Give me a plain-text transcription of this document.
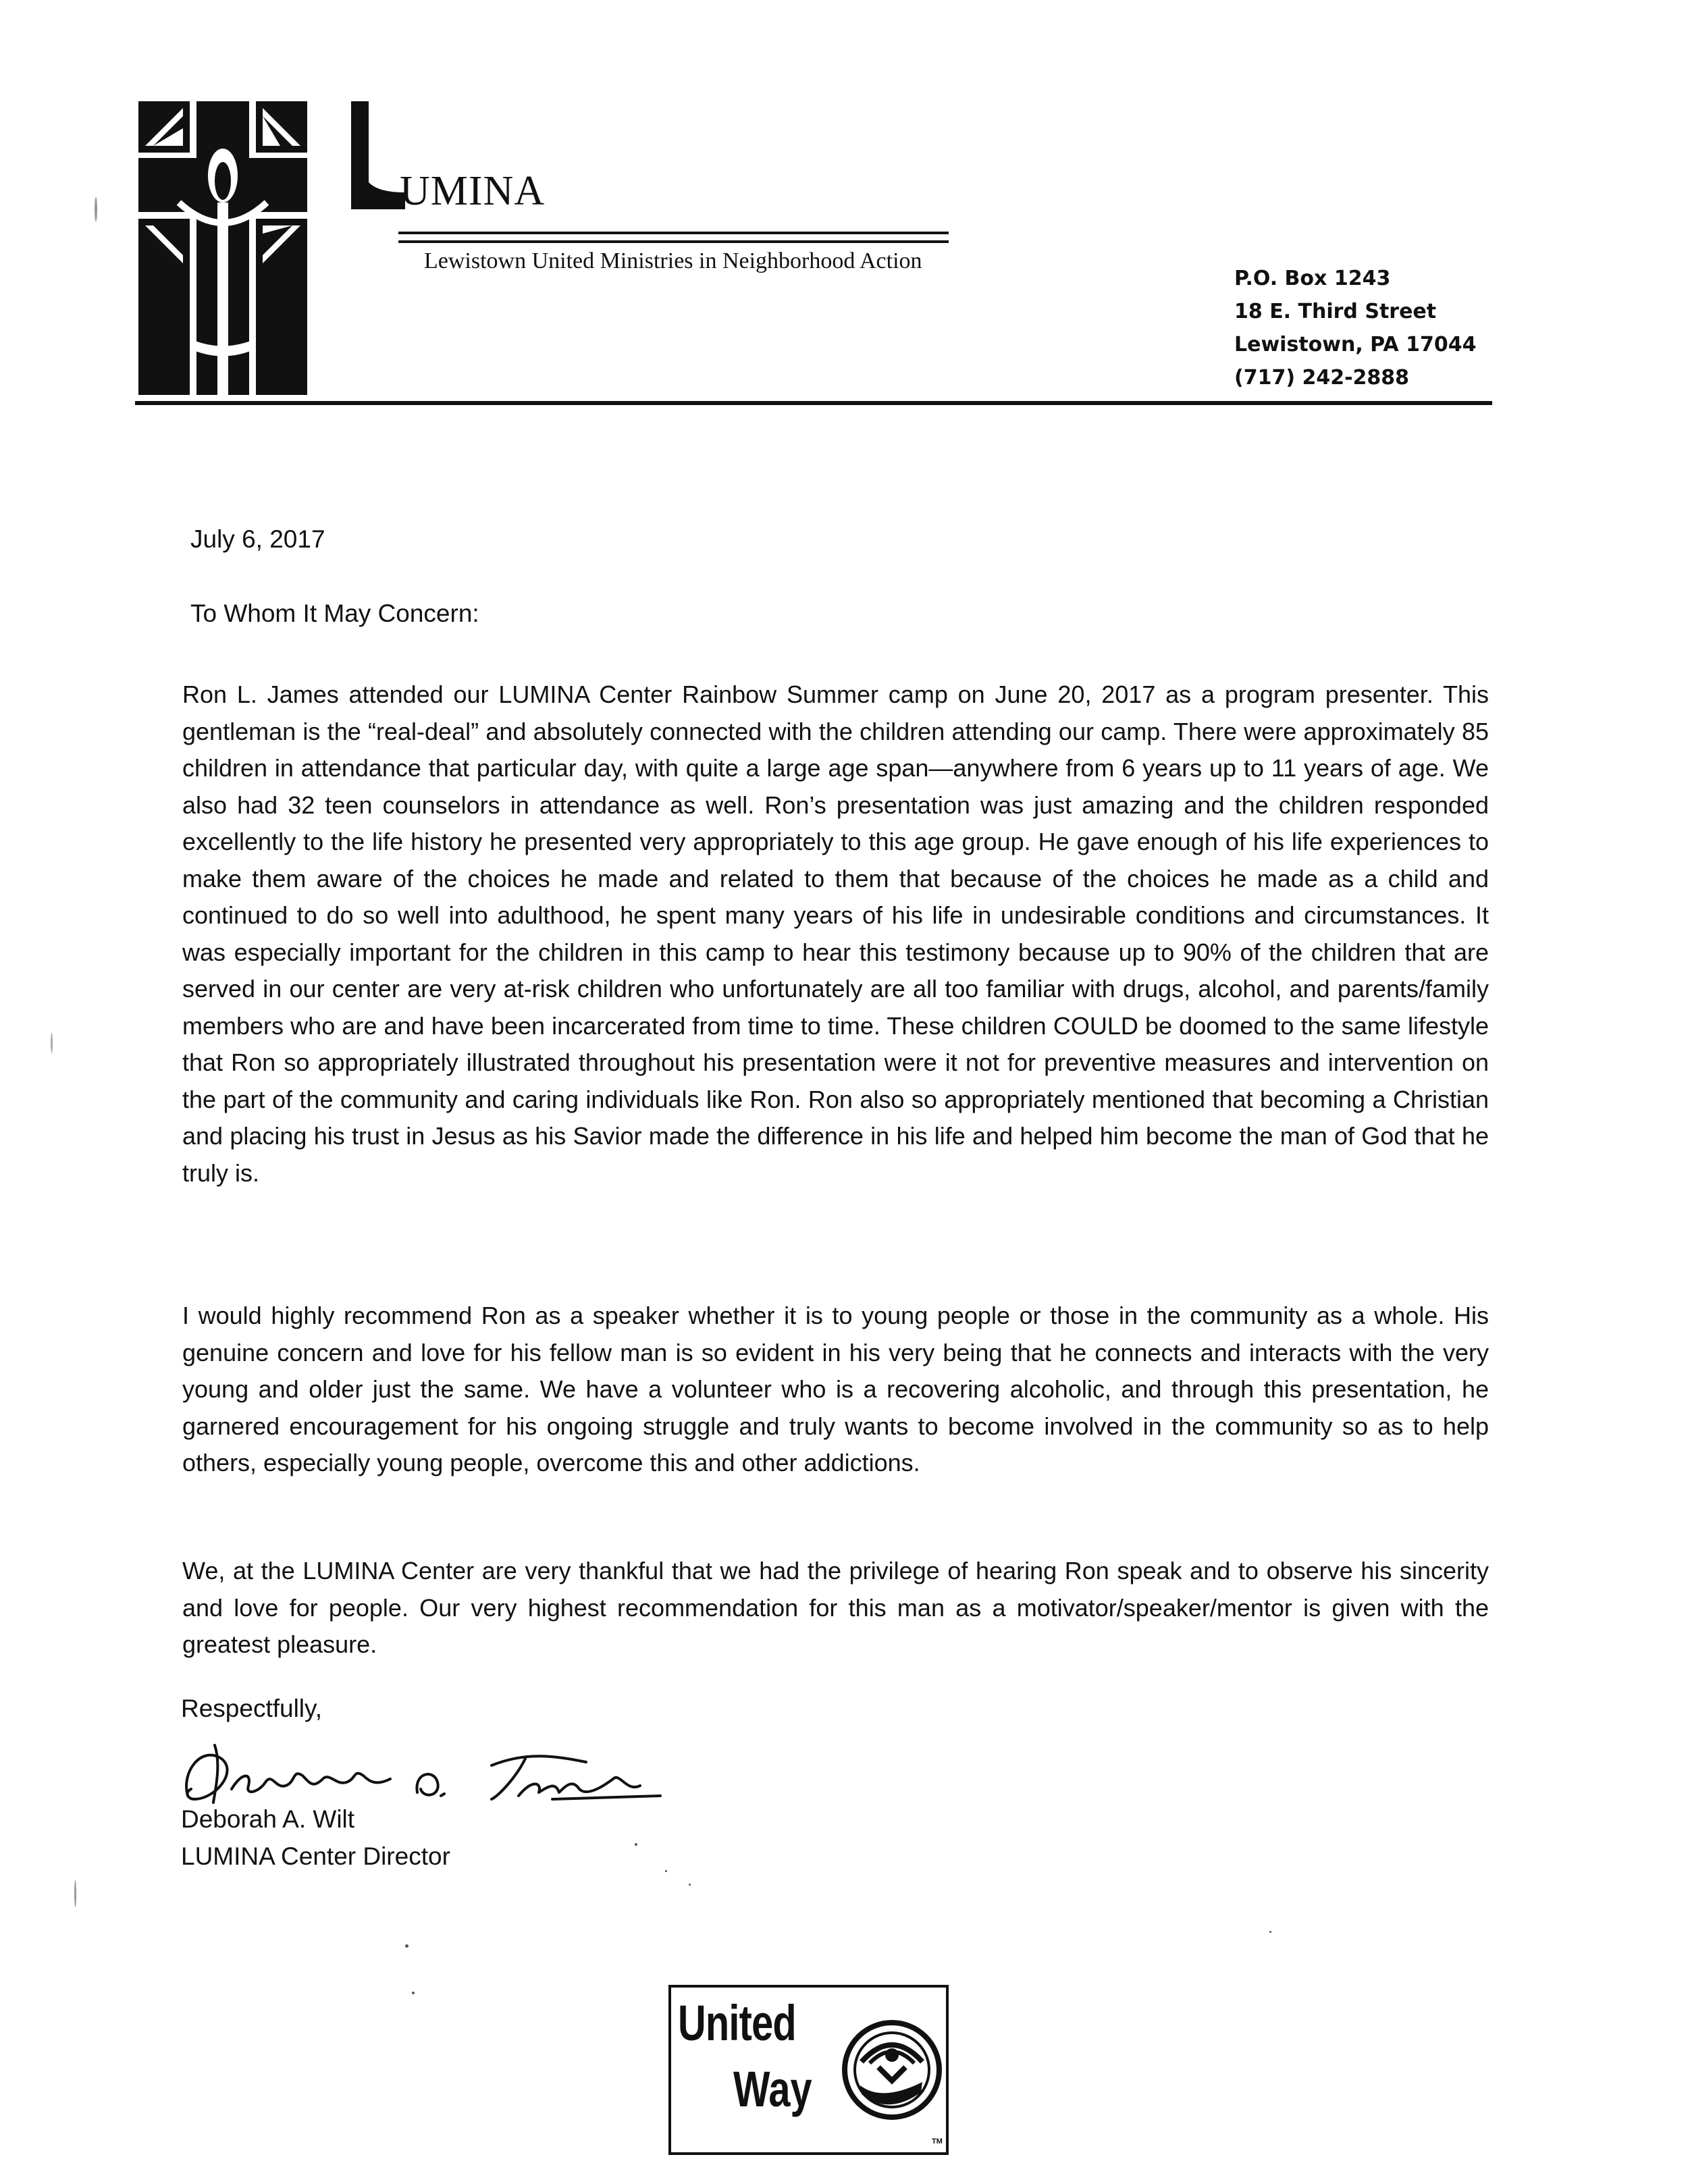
UMINA
Lewistown United Ministries in Neighborhood Action
P.O. Box 1243
18 E. Third Street
Lewistown, PA 17044
(717) 242-2888
July 6, 2017
To Whom It May Concern:

Ron L. James attended our LUMINA Center Rainbow Summer camp on June 20, 2017 as a program presenter. This gentleman is the “real-deal” and absolutely connected with the children attending our camp. There were approximately 85 children in attendance that particular day, with quite a large age span—anywhere from 6 years up to 11 years of age. We also had 32 teen counselors in attendance as well. Ron’s presentation was just amazing and the children responded excellently to the life history he presented very appropriately to this age group. He gave enough of his life experiences to make them aware of the choices he made and related to them that because of the choices he made as a child and continued to do so well into adulthood, he spent many years of his life in undesirable conditions and circumstances. It was especially important for the children in this camp to hear this testimony because up to 90% of the children that are served in our center are very at-risk children who unfortunately are all too familiar with drugs, alcohol, and parents/family members who are and have been incarcerated from time to time. These children COULD be doomed to the same lifestyle that Ron so appropriately illustrated throughout his presentation were it not for preventive measures and intervention on the part of the community and caring individuals like Ron. Ron also so appropriately mentioned that becoming a Christian and placing his trust in Jesus as his Savior made the difference in his life and helped him become the man of God that he truly is.

I would highly recommend Ron as a speaker whether it is to young people or those in the community as a whole. His genuine concern and love for his fellow man is so evident in his very being that he connects and interacts with the very young and older just the same. We have a volunteer who is a recovering alcoholic, and through this presentation, he garnered encouragement for his ongoing struggle and truly wants to become involved in the community so as to help others, especially young people, overcome this and other addictions.

We, at the LUMINA Center are very thankful that we had the privilege of hearing Ron speak and to observe his sincerity and love for people. Our very highest recommendation for this man as a motivator/speaker/mentor is given with the greatest pleasure.

Respectfully,
Deborah A. Wilt
LUMINA Center Director
United
Way
TM
